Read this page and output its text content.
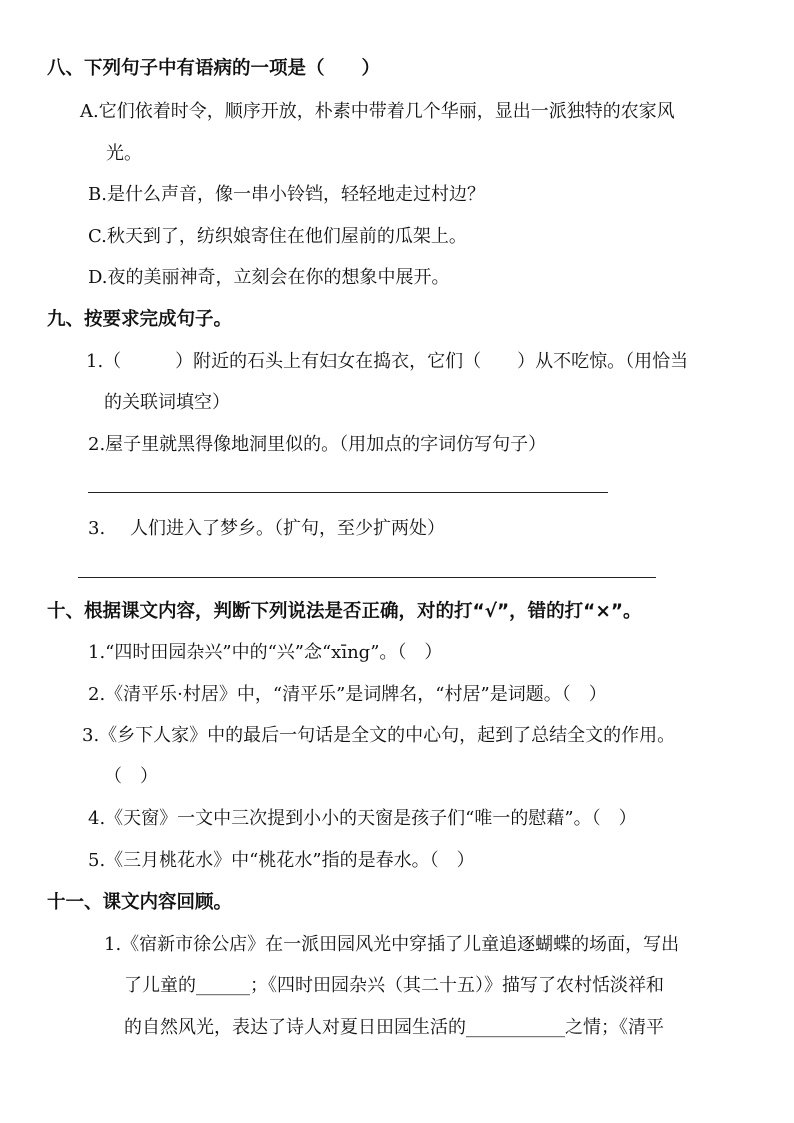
八、下列句子中有语病的一项是（　　）
A.它们依着时令，顺序开放，朴素中带着几个华丽，显出一派独特的农家风
光。
B.是什么声音，像一串小铃铛，轻轻地走过村边？
C.秋天到了，纺织娘寄住在他们屋前的瓜架上。
D.夜的美丽神奇，立刻会在你的想象中展开。
九、按要求完成句子。
1.（　　　）附近的石头上有妇女在捣衣，它们（　　）从不吃惊。（用恰当
的关联词填空）
2.屋子里就黑得像地洞里似的。（用加点的字词仿写句子）
3. 人们进入了梦乡。（扩句，至少扩两处）
十、根据课文内容，判断下列说法是否正确，对的打“√”，错的打“×”。
1.“四时田园杂兴”中的“兴”念“xīng”。（　）
2.《清平乐·村居》中，“清平乐”是词牌名，“村居”是词题。（　）
3.《乡下人家》中的最后一句话是全文的中心句，起到了总结全文的作用。
（　）
4.《天窗》一文中三次提到小小的天窗是孩子们“唯一的慰藉”。（　）
5.《三月桃花水》中“桃花水”指的是春水。（　）
十一、课文内容回顾。
1.《宿新市徐公店》在一派田园风光中穿插了儿童追逐蝴蝶的场面，写出
了儿童的______；《四时田园杂兴（其二十五）》描写了农村恬淡祥和
的自然风光，表达了诗人对夏日田园生活的___________之情；《清平
